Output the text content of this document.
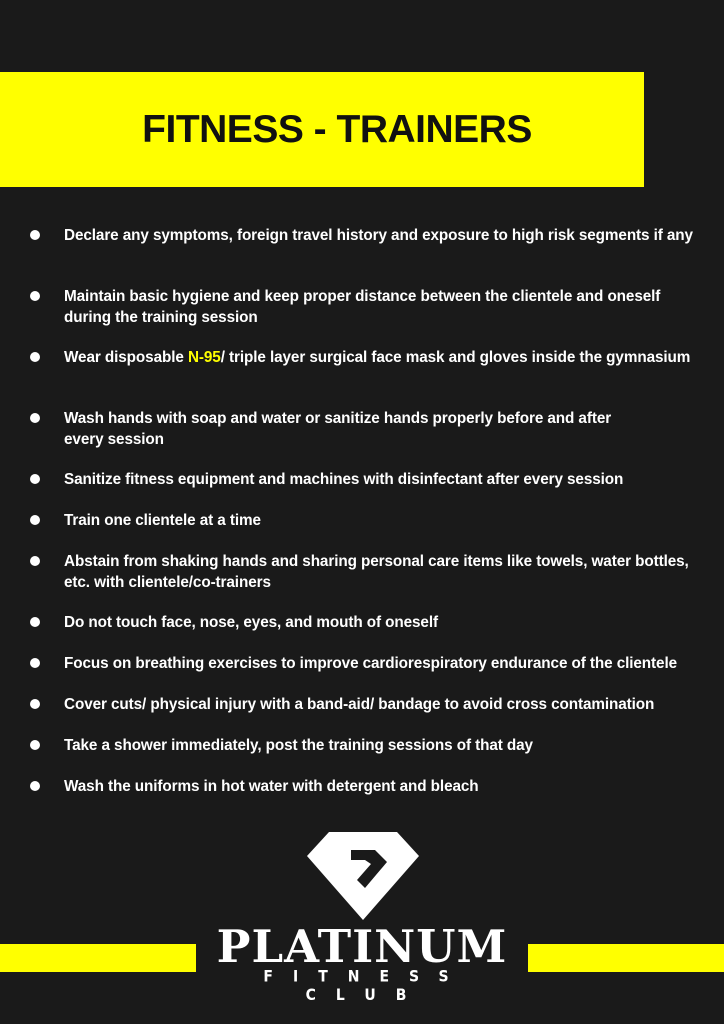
FITNESS - TRAINERS
Declare any symptoms, foreign travel history and exposure to high risk segments if any
Maintain basic hygiene and keep proper distance between the clientele and oneself during the training session
Wear disposable N-95/ triple layer surgical face mask and gloves inside the gymnasium
Wash hands with soap and water or sanitize hands properly before and after
every session
Sanitize fitness equipment and machines with disinfectant after every session
Train one clientele at a time
Abstain from shaking hands and sharing personal care items like towels, water bottles, etc. with clientele/co-trainers
Do not touch face, nose, eyes, and mouth of oneself
Focus on breathing exercises to improve cardiorespiratory endurance of the clientele
Cover cuts/ physical injury with a band-aid/ bandage to avoid cross contamination
Take a shower immediately, post the training sessions of that day
Wash the uniforms in hot water with detergent and bleach
PLATINUM
FITNESS CLUB
